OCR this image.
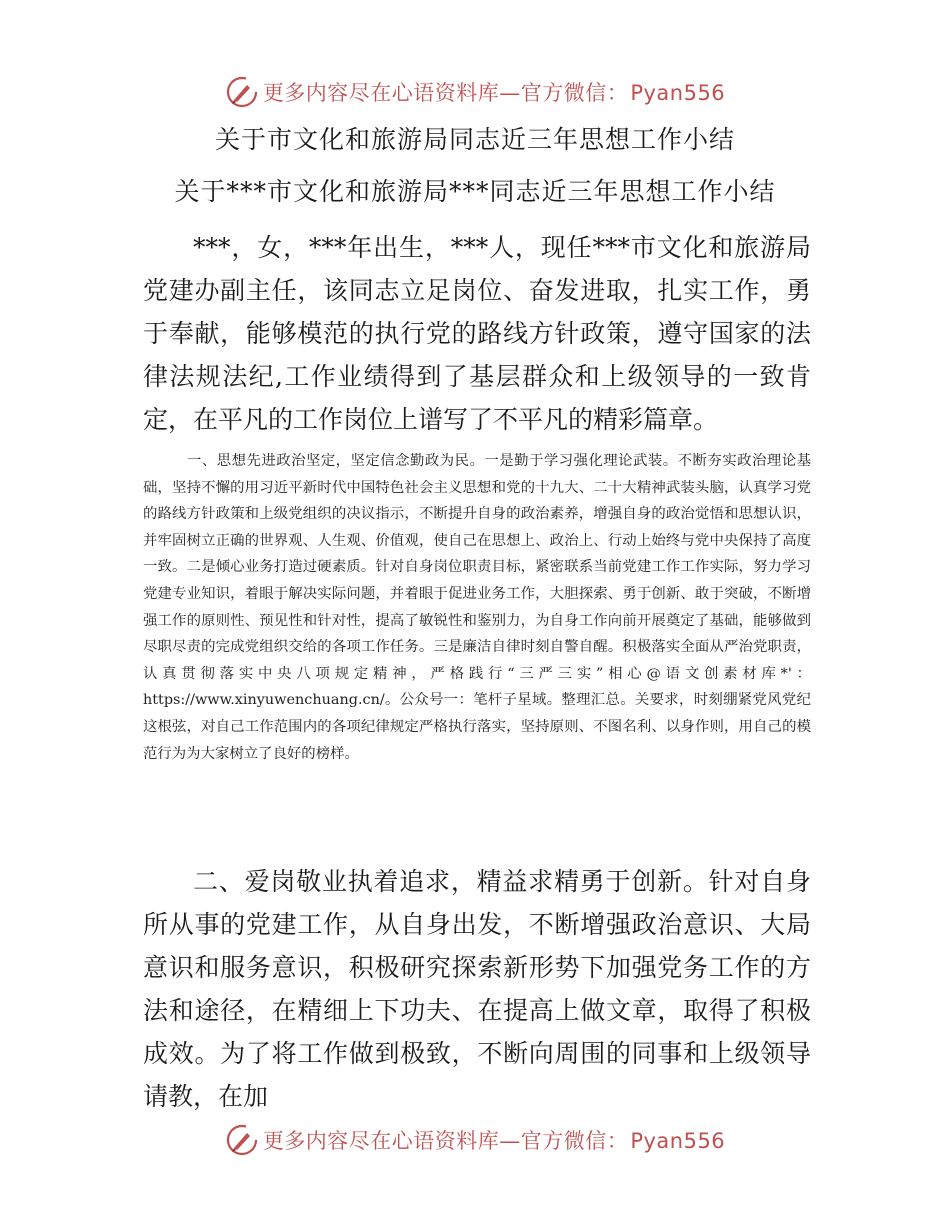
更多内容尽在心语资料库—官方微信：Pyan556
关于市文化和旅游局同志近三年思想工作小结
关于***市文化和旅游局***同志近三年思想工作小结

***，女，***年出生，***人，现任***市文化和旅游局党建办副主任，该同志立足岗位、奋发进取，扎实工作，勇于奉献，能够模范的执行党的路线方针政策，遵守国家的法律法规法纪,工作业绩得到了基层群众和上级领导的一致肯定，在平凡的工作岗位上谱写了不平凡的精彩篇章。

一、思想先进政治坚定，坚定信念勤政为民。一是勤于学习强化理论武装。不断夯实政治理论基础，坚持不懈的用习近平新时代中国特色社会主义思想和党的十九大、二十大精神武装头脑，认真学习党的路线方针政策和上级党组织的决议指示，不断提升自身的政治素养，增强自身的政治觉悟和思想认识，并牢固树立正确的世界观、人生观、价值观，使自己在思想上、政治上、行动上始终与党中央保持了高度一致。二是倾心业务打造过硬素质。针对自身岗位职责目标，紧密联系当前党建工作工作实际，努力学习党建专业知识，着眼于解决实际问题，并着眼于促进业务工作，大胆探索、勇于创新、敢于突破，不断增强工作的原则性、预见性和针对性，提高了敏锐性和鉴别力，为自身工作向前开展奠定了基础，能够做到尽职尽责的完成党组织交给的各项工作任务。三是廉洁自律时刻自警自醒。积极落实全面从严治党职责，认真贯彻落实中央八项规定精神，严格践行“三严三实”相心@语文创素材库*'：https://www.xinyuwenchuang.cn/。公众号一：笔杆子星域。整理汇总。关要求，时刻绷紧党风党纪这根弦，对自己工作范围内的各项纪律规定严格执行落实，坚持原则、不图名利、以身作则，用自己的模范行为为大家树立了良好的榜样。

二、爱岗敬业执着追求，精益求精勇于创新。针对自身所从事的党建工作，从自身出发，不断增强政治意识、大局意识和服务意识，积极研究探索新形势下加强党务工作的方法和途径，在精细上下功夫、在提高上做文章，取得了积极成效。为了将工作做到极致，不断向周围的同事和上级领导请教，在加

更多内容尽在心语资料库—官方微信：Pyan556
